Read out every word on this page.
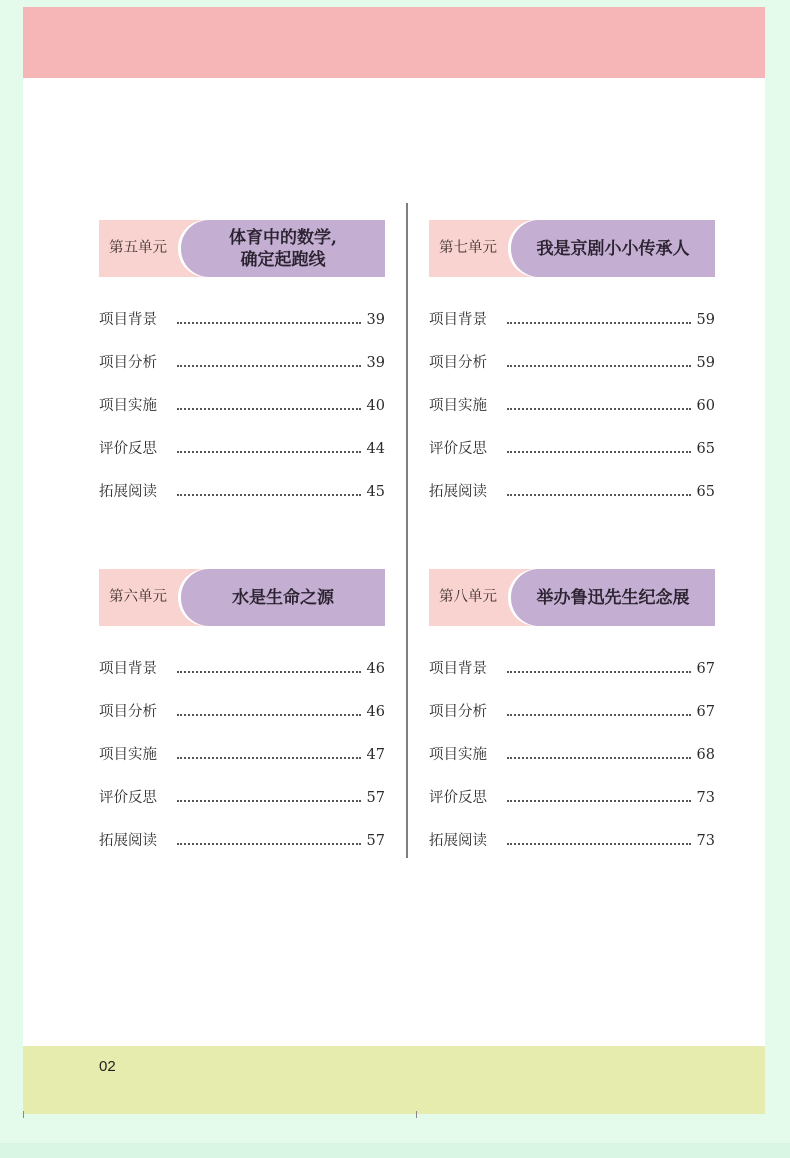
第五单元
体育中的数学,
确定起跑线
项目背景	39
项目分析	39
项目实施	40
评价反思	44
拓展阅读	45
第七单元 我是京剧小小传承人
项目背景	59
项目分析	59
项目实施	60
评价反思	65
拓展阅读	65
第六单元	水是生命之源
项目背景	46
项目分析	46
项目实施	47
评价反思	57
拓展阅读	57
第八单元 举办鲁迅先生纪念展
项目背景	67
项目分析	67
项目实施	68
评价反思	73
拓展阅读	73
02
